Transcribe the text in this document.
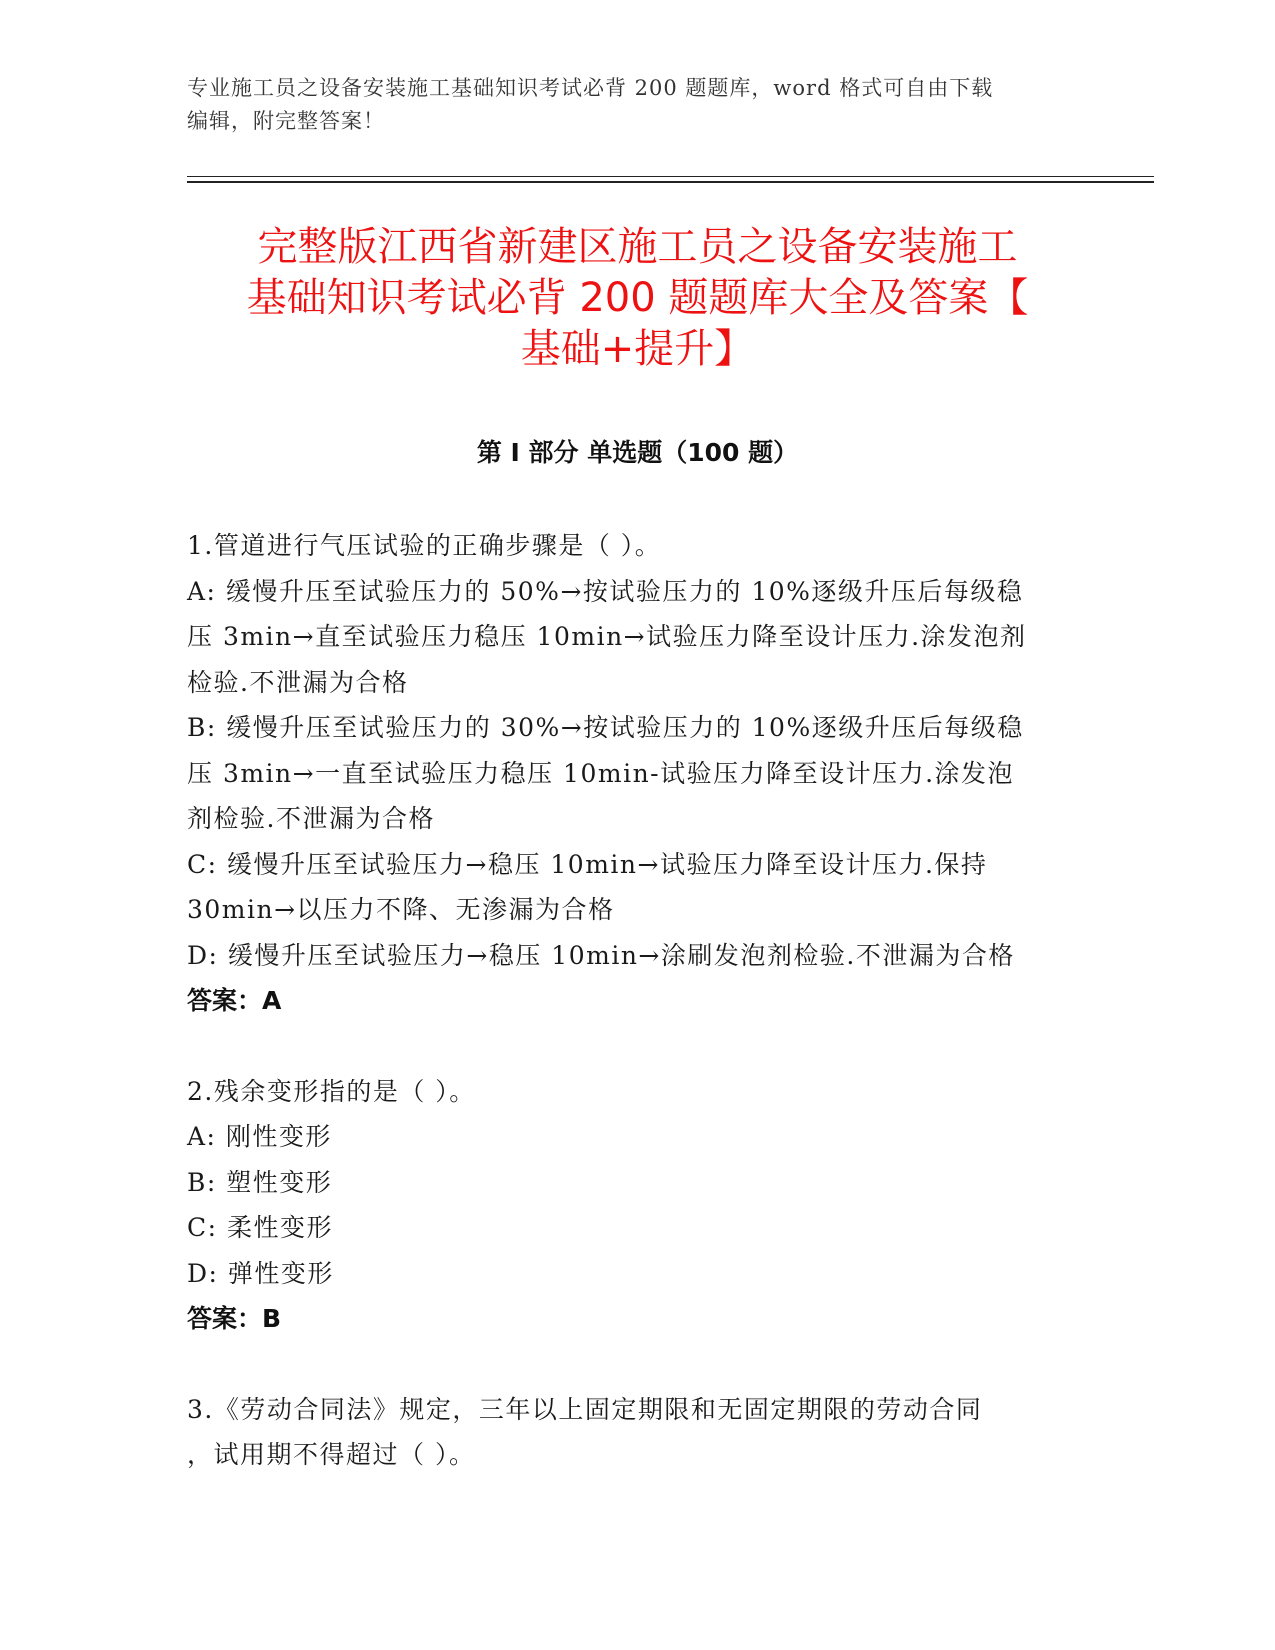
专业施工员之设备安装施工基础知识考试必背 200 题题库，word 格式可自由下载
编辑，附完整答案！
完整版江西省新建区施工员之设备安装施工
基础知识考试必背 200 题题库大全及答案【
基础+提升】
第 I 部分 单选题（100 题）

1.管道进行气压试验的正确步骤是（ ）。

A: 缓慢升压至试验压力的 50%→按试验压力的 10%逐级升压后每级稳

压 3min→直至试验压力稳压 10min→试验压力降至设计压力.涂发泡剂

检验.不泄漏为合格

B: 缓慢升压至试验压力的 30%→按试验压力的 10%逐级升压后每级稳

压 3min→一直至试验压力稳压 10min-试验压力降至设计压力.涂发泡

剂检验.不泄漏为合格

C: 缓慢升压至试验压力→稳压 10min→试验压力降至设计压力.保持

30min→以压力不降、无渗漏为合格

D: 缓慢升压至试验压力→稳压 10min→涂刷发泡剂检验.不泄漏为合格

答案：A

2.残余变形指的是（ ）。

A: 刚性变形

B: 塑性变形

C: 柔性变形

D: 弹性变形

答案：B

3.《劳动合同法》规定，三年以上固定期限和无固定期限的劳动合同

，试用期不得超过（ ）。
